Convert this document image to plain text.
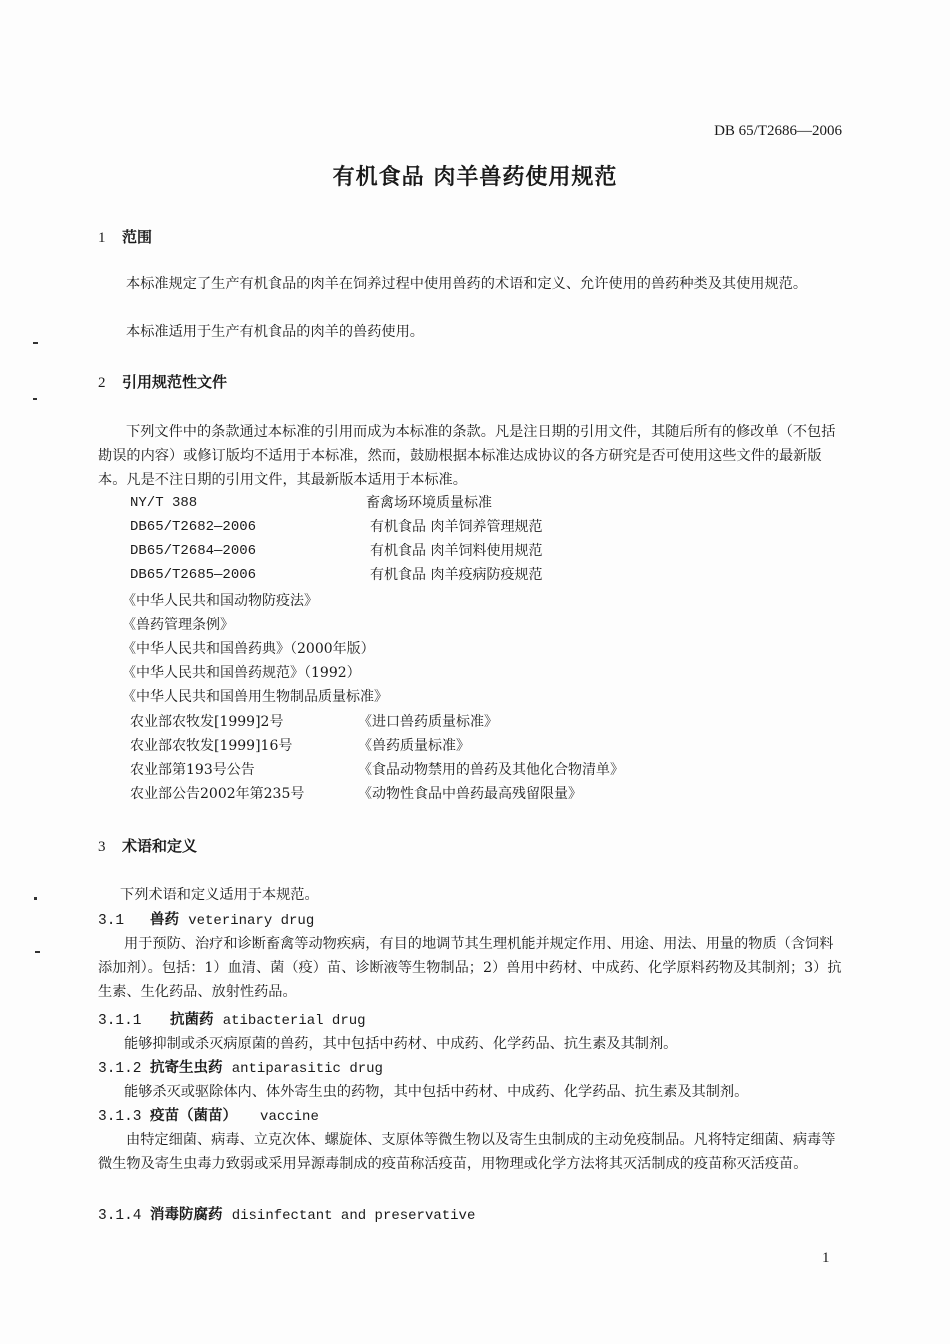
DB 65/T2686—2006
有机食品 肉羊兽药使用规范
1 范围
本标准规定了生产有机食品的肉羊在饲养过程中使用兽药的术语和定义、允许使用的兽药种类及其使用规范。
本标准适用于生产有机食品的肉羊的兽药使用。
2 引用规范性文件
下列文件中的条款通过本标准的引用而成为本标准的条款。凡是注日期的引用文件，其随后所有的修改单（不包括勘误的内容）或修订版均不适用于本标准，然而，鼓励根据本标准达成协议的各方研究是否可使用这些文件的最新版本。凡是不注日期的引用文件，其最新版本适用于本标准。
NY/T 388	畜禽场环境质量标准
DB65/T2682—2006	有机食品 肉羊饲养管理规范
DB65/T2684—2006	有机食品 肉羊饲料使用规范
DB65/T2685—2006	有机食品 肉羊疫病防疫规范
《中华人民共和国动物防疫法》
《兽药管理条例》
《中华人民共和国兽药典》（2000年版）
《中华人民共和国兽药规范》（1992）
《中华人民共和国兽用生物制品质量标准》
农业部农牧发[1999]2号	《进口兽药质量标准》
农业部农牧发[1999]16号	《兽药质量标准》
农业部第193号公告	《食品动物禁用的兽药及其他化合物清单》
农业部公告2002年第235号	《动物性食品中兽药最高残留限量》
3 术语和定义
下列术语和定义适用于本规范。
3.1 兽药 veterinary drug
用于预防、治疗和诊断畜禽等动物疾病，有目的地调节其生理机能并规定作用、用途、用法、用量的物质（含饲料添加剂）。包括：1）血清、菌（疫）苗、诊断液等生物制品；2）兽用中药材、中成药、化学原料药物及其制剂；3）抗生素、生化药品、放射性药品。
3.1.1 抗菌药 atibacterial drug
能够抑制或杀灭病原菌的兽药，其中包括中药材、中成药、化学药品、抗生素及其制剂。
3.1.2 抗寄生虫药 antiparasitic drug
能够杀灭或驱除体内、体外寄生虫的药物，其中包括中药材、中成药、化学药品、抗生素及其制剂。
3.1.3 疫苗（菌苗） vaccine
由特定细菌、病毒、立克次体、螺旋体、支原体等微生物以及寄生虫制成的主动免疫制品。凡将特定细菌、病毒等微生物及寄生虫毒力致弱或采用异源毒制成的疫苗称活疫苗，用物理或化学方法将其灭活制成的疫苗称灭活疫苗。
3.1.4 消毒防腐药 disinfectant and preservative
1
